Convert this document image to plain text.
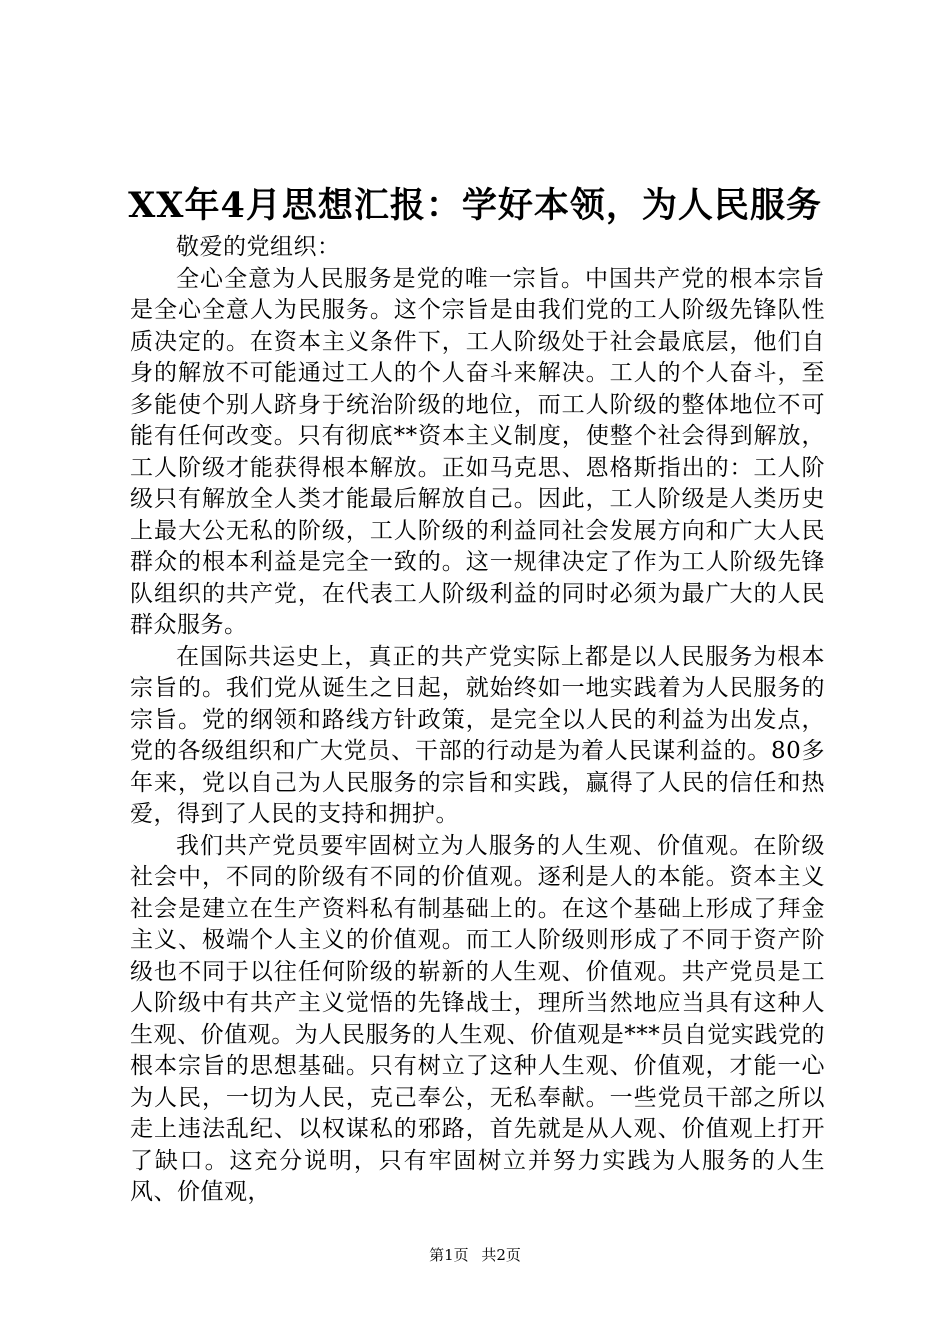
XX年4月思想汇报：学好本领，为人民服务

敬爱的党组织：

全心全意为人民服务是党的唯一宗旨。中国共产党的根本宗旨是全心全意人为民服务。这个宗旨是由我们党的工人阶级先锋队性质决定的。在资本主义条件下，工人阶级处于社会最底层，他们自身的解放不可能通过工人的个人奋斗来解决。工人的个人奋斗，至多能使个别人跻身于统治阶级的地位，而工人阶级的整体地位不可能有任何改变。只有彻底**资本主义制度，使整个社会得到解放，工人阶级才能获得根本解放。正如马克思、恩格斯指出的：工人阶级只有解放全人类才能最后解放自己。因此，工人阶级是人类历史上最大公无私的阶级，工人阶级的利益同社会发展方向和广大人民群众的根本利益是完全一致的。这一规律决定了作为工人阶级先锋队组织的共产党，在代表工人阶级利益的同时必须为最广大的人民群众服务。

在国际共运史上，真正的共产党实际上都是以人民服务为根本宗旨的。我们党从诞生之日起，就始终如一地实践着为人民服务的宗旨。党的纲领和路线方针政策，是完全以人民的利益为出发点，党的各级组织和广大党员、干部的行动是为着人民谋利益的。80多年来，党以自己为人民服务的宗旨和实践，赢得了人民的信任和热爱，得到了人民的支持和拥护。

我们共产党员要牢固树立为人服务的人生观、价值观。在阶级社会中，不同的阶级有不同的价值观。逐利是人的本能。资本主义社会是建立在生产资料私有制基础上的。在这个基础上形成了拜金主义、极端个人主义的价值观。而工人阶级则形成了不同于资产阶级也不同于以往任何阶级的崭新的人生观、价值观。共产党员是工人阶级中有共产主义觉悟的先锋战士，理所当然地应当具有这种人生观、价值观。为人民服务的人生观、价值观是***员自觉实践党的根本宗旨的思想基础。只有树立了这种人生观、价值观，才能一心为人民，一切为人民，克己奉公，无私奉献。一些党员干部之所以走上违法乱纪、以权谋私的邪路，首先就是从人观、价值观上打开了缺口。这充分说明，只有牢固树立并努力实践为人服务的人生风、价值观，

第1页 共2页
